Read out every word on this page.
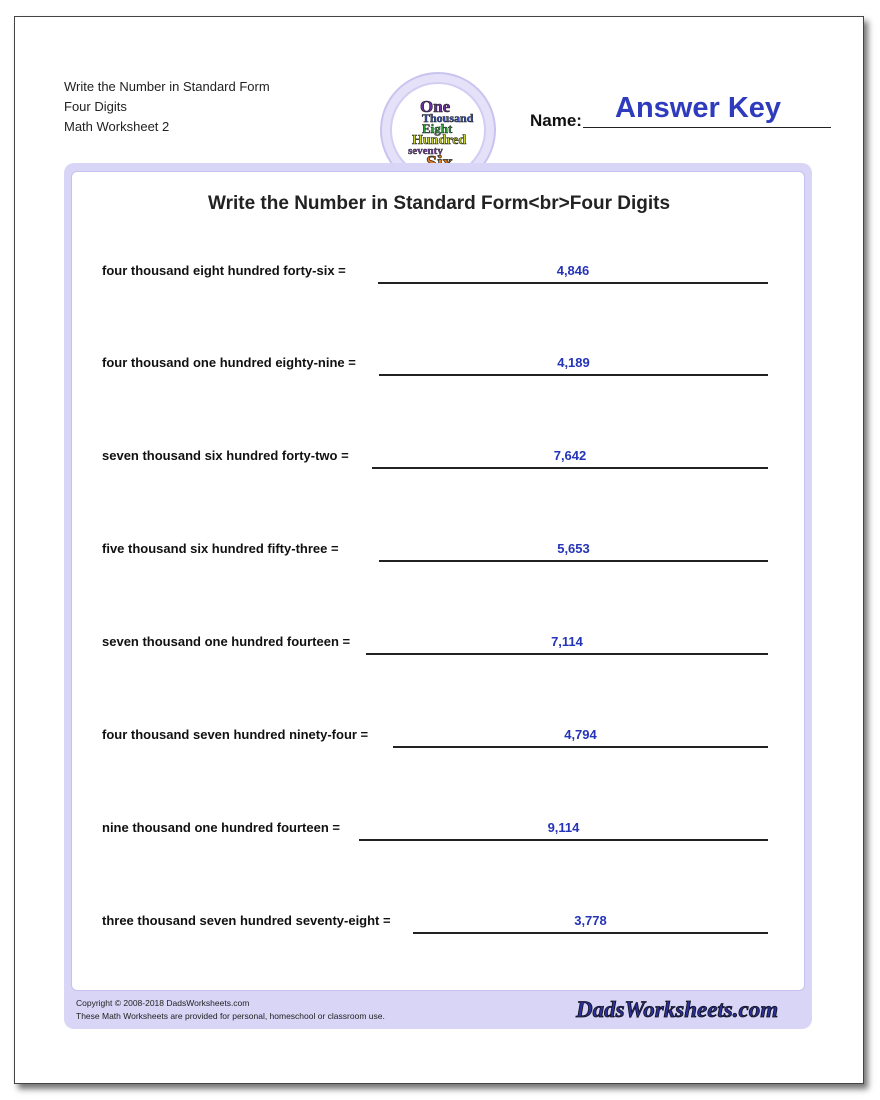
Write the Number in Standard Form
Four Digits
Math Worksheet 2
One
Thousand
Eight
Hundred
seventy
Name: Answer Key
Write the Number in Standard Form<br>Four Digits
four thousand eight hundred forty-six =	4,846
four thousand one hundred eighty-nine =	4,189
seven thousand six hundred forty-two =	7,642
five thousand six hundred fifty-three =	5,653
seven thousand one hundred fourteen =	7,114
four thousand seven hundred ninety-four =	4,794
nine thousand one hundred fourteen =	9,114
three thousand seven hundred seventy-eight =	3,778
Copyright © 2008-2018 DadsWorksheets.com
These Math Worksheets are provided for personal, homeschool or classroom use.	DadsWorksheets.com
